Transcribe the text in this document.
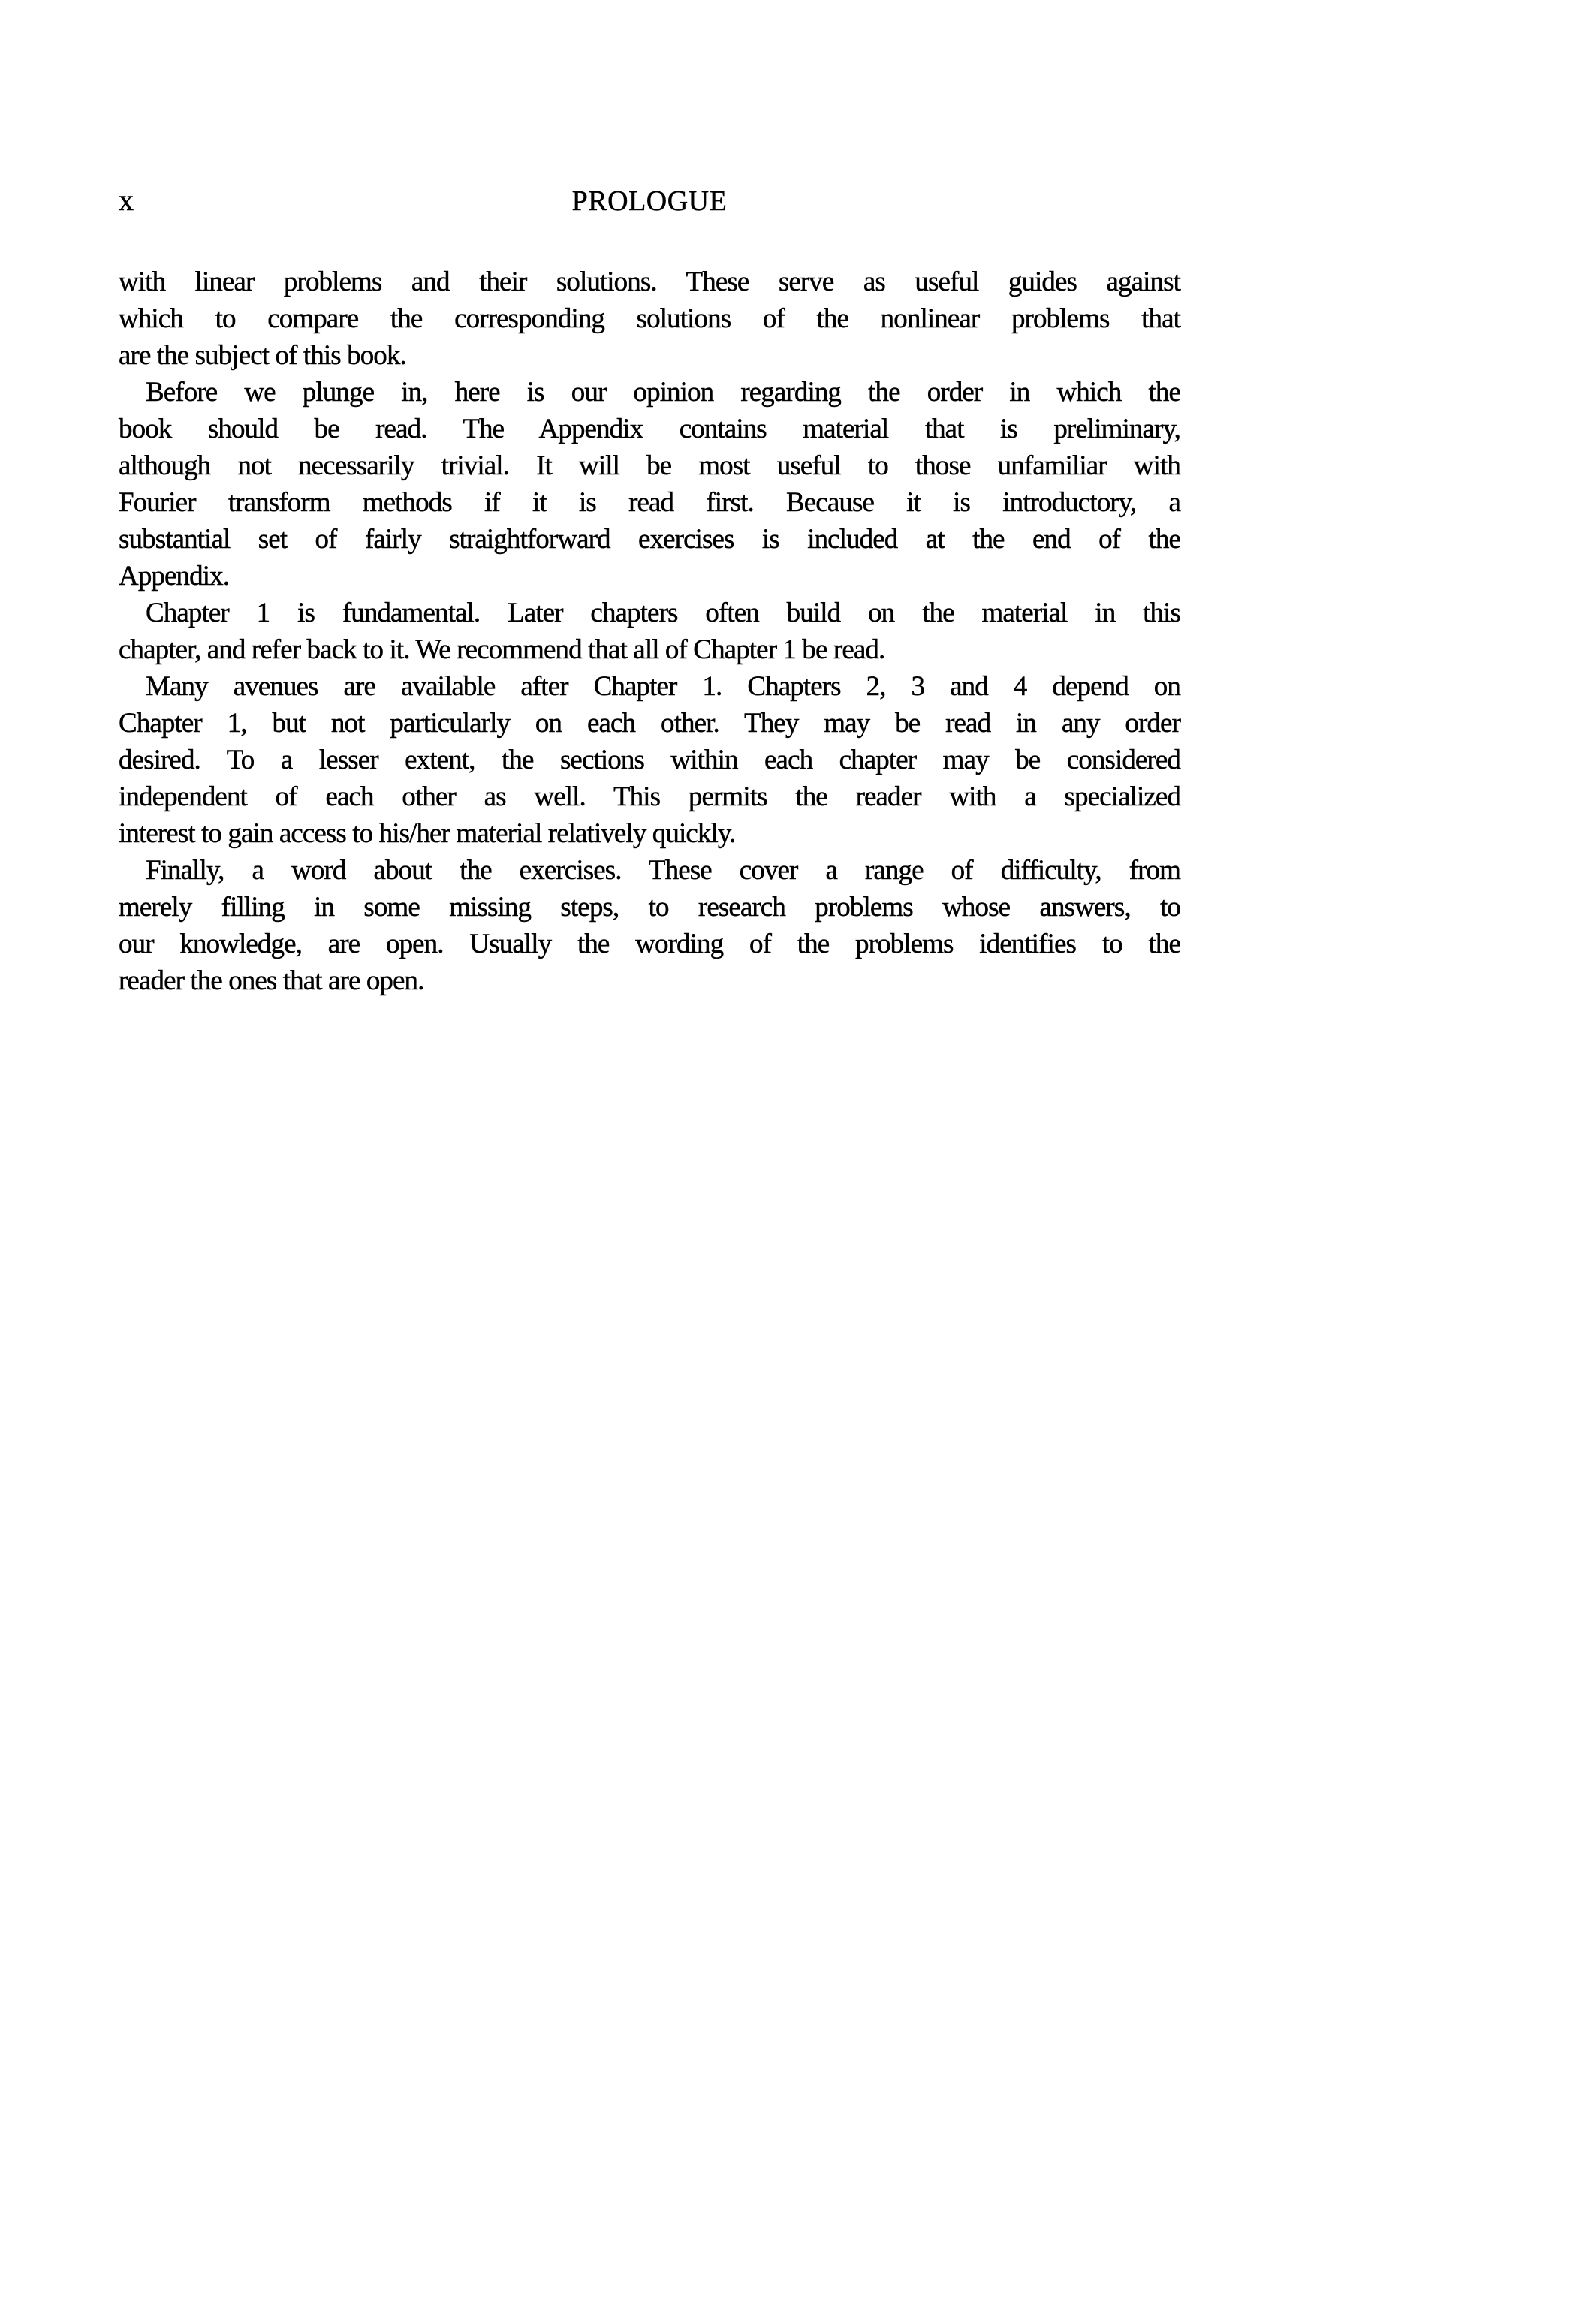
x	PROLOGUE
with linear problems and their solutions. These serve as useful guides against
which to compare the corresponding solutions of the nonlinear problems that
are the subject of this book.
Before we plunge in, here is our opinion regarding the order in which the
book should be read. The Appendix contains material that is preliminary,
although not necessarily trivial. It will be most useful to those unfamiliar with
Fourier transform methods if it is read first. Because it is introductory, a
substantial set of fairly straightforward exercises is included at the end of the
Appendix.
Chapter 1 is fundamental. Later chapters often build on the material in this
chapter, and refer back to it. We recommend that all of Chapter 1 be read.
Many avenues are available after Chapter 1. Chapters 2, 3 and 4 depend on
Chapter 1, but not particularly on each other. They may be read in any order
desired. To a lesser extent, the sections within each chapter may be considered
independent of each other as well. This permits the reader with a specialized
interest to gain access to his/her material relatively quickly.
Finally, a word about the exercises. These cover a range of difficulty, from
merely filling in some missing steps, to research problems whose answers, to
our knowledge, are open. Usually the wording of the problems identifies to the
reader the ones that are open.
